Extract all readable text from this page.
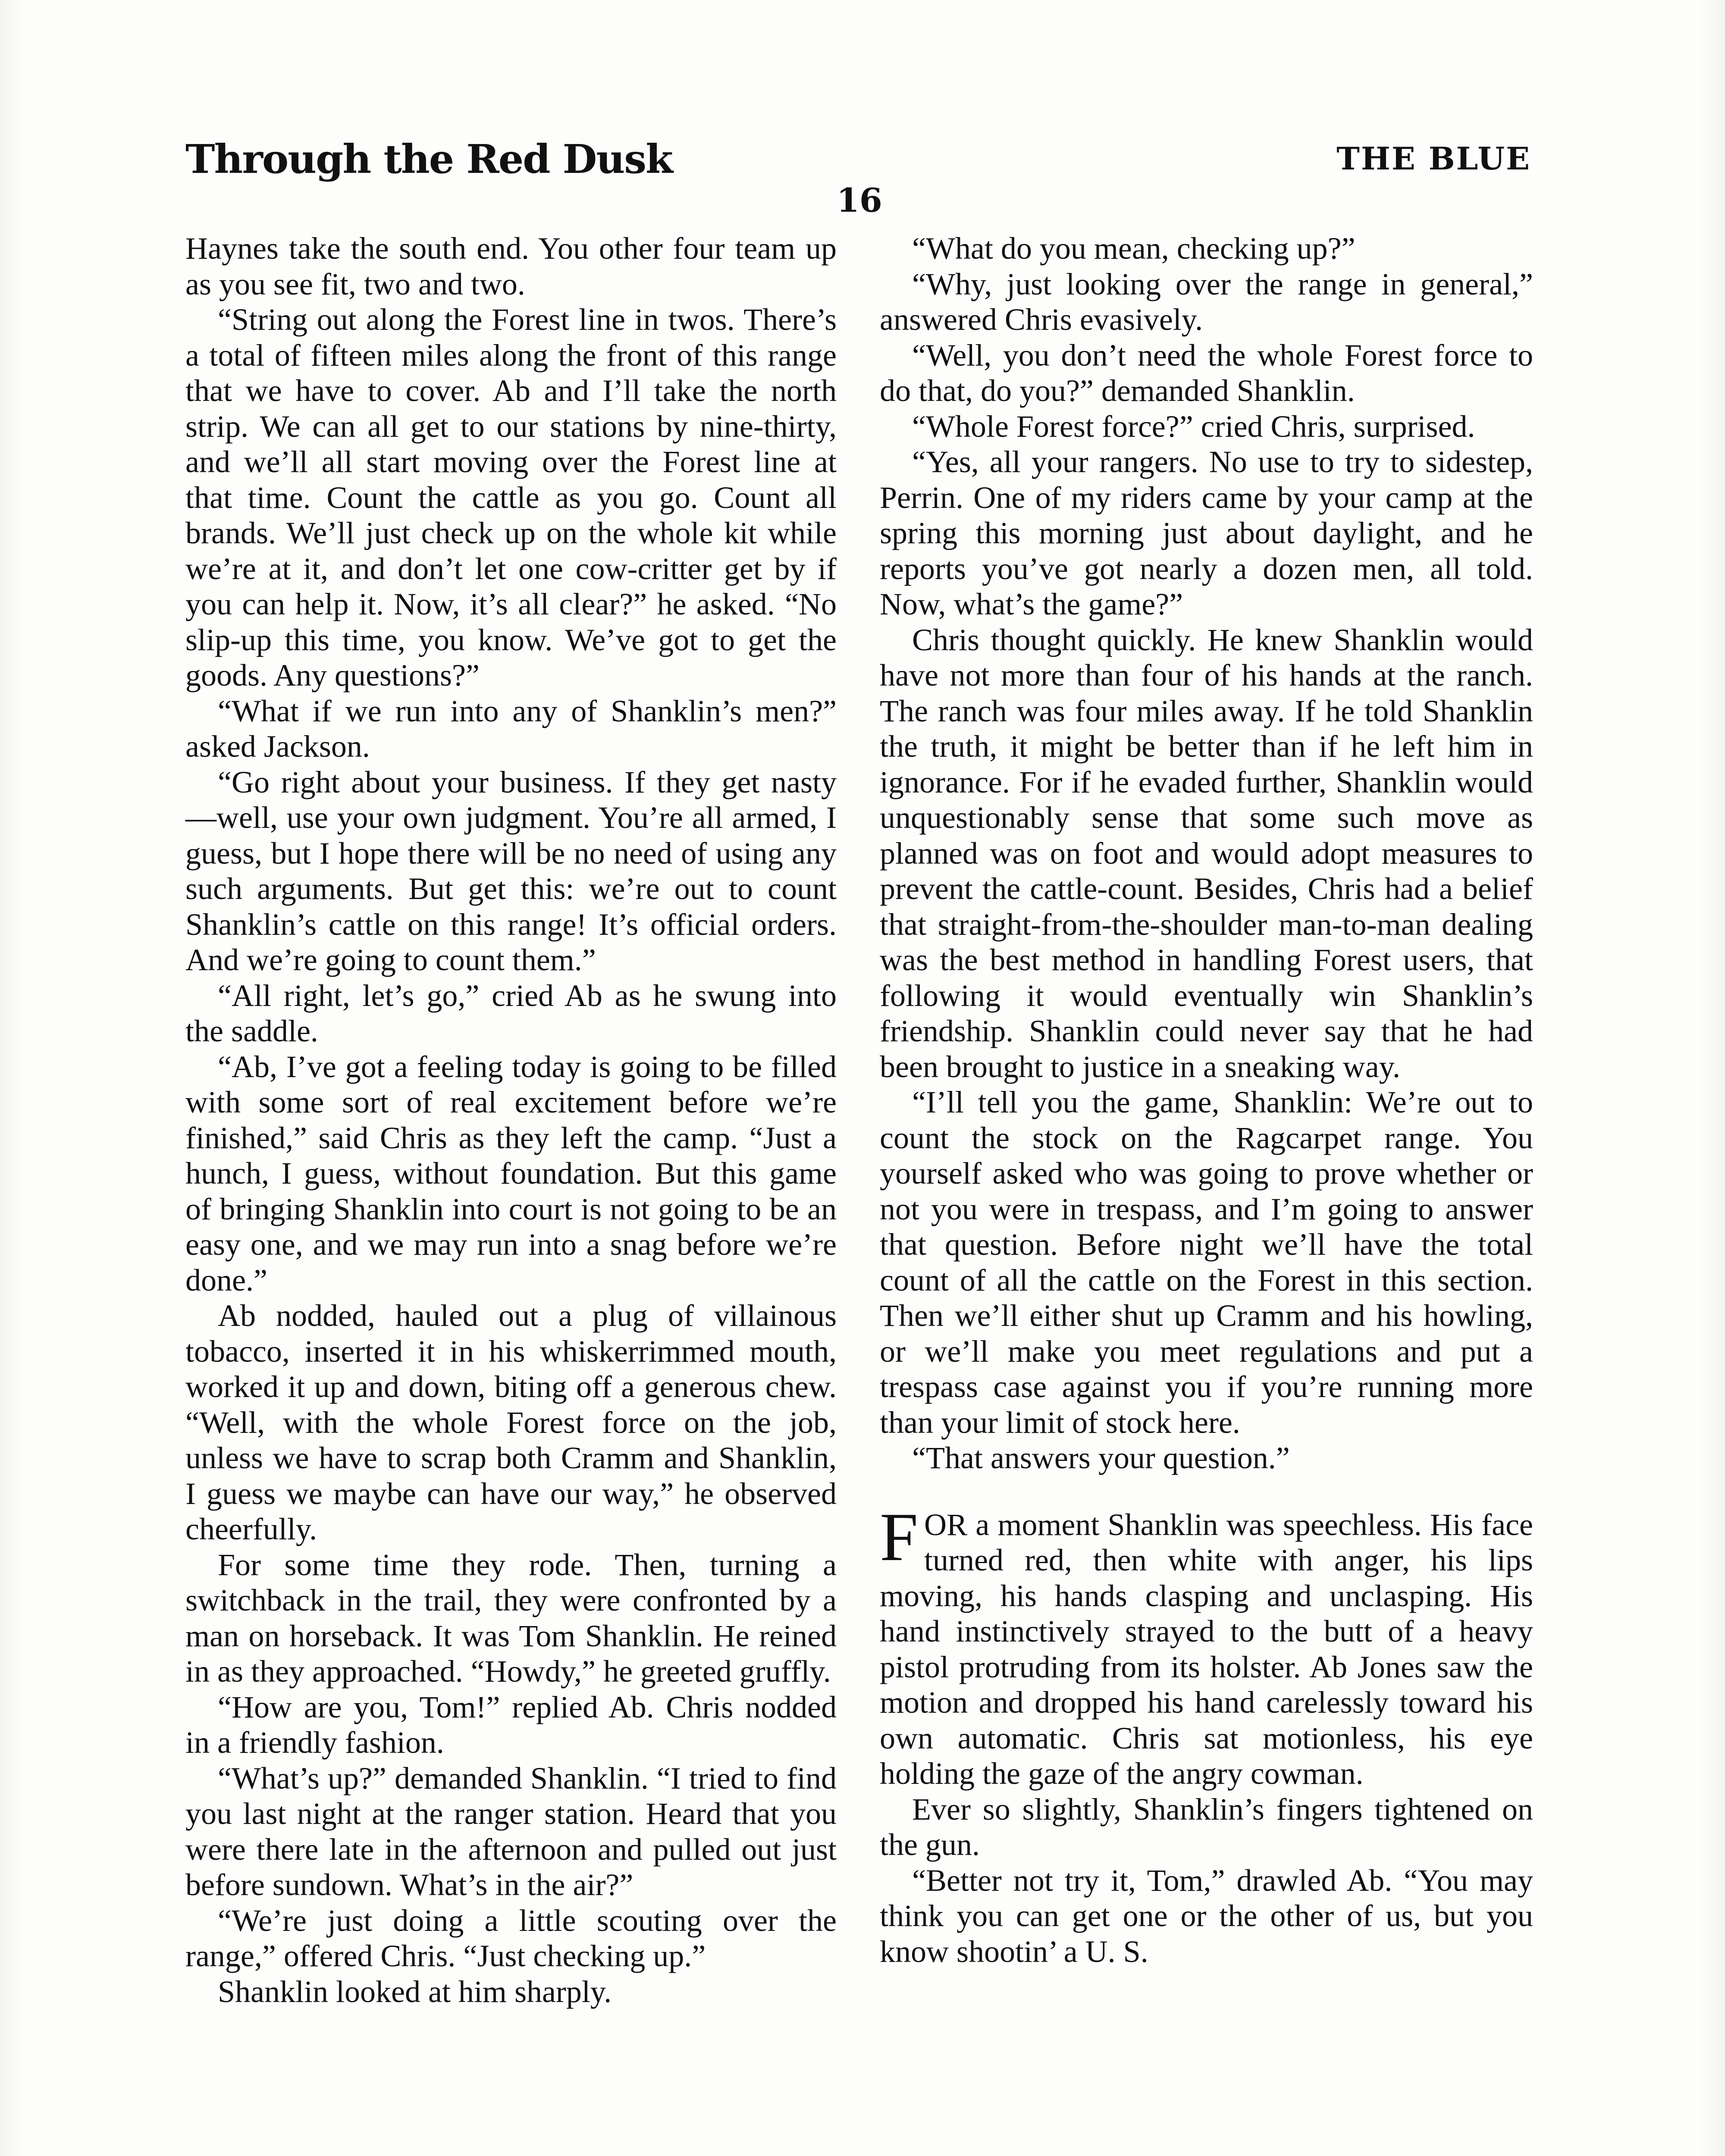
Through the Red Dusk	THE BLUE
16

Haynes take the south end. You other four team up as you see fit, two and two.

“String out along the Forest line in twos. There’s a total of fifteen miles along the front of this range that we have to cover. Ab and I’ll take the north strip. We can all get to our stations by nine-thirty, and we’ll all start moving over the Forest line at that time. Count the cattle as you go. Count all brands. We’ll just check up on the whole kit while we’re at it, and don’t let one cow-critter get by if you can help it. Now, it’s all clear?” he asked. “No slip-up this time, you know. We’ve got to get the goods. Any questions?”

“What if we run into any of Shanklin’s men?” asked Jackson.

“Go right about your business. If they get nasty—well, use your own judgment. You’re all armed, I guess, but I hope there will be no need of using any such arguments. But get this: we’re out to count Shanklin’s cattle on this range! It’s official orders. And we’re going to count them.”

“All right, let’s go,” cried Ab as he swung into the saddle.

“Ab, I’ve got a feeling today is going to be filled with some sort of real excitement before we’re finished,” said Chris as they left the camp. “Just a hunch, I guess, without foundation. But this game of bringing Shanklin into court is not going to be an easy one, and we may run into a snag before we’re done.”

Ab nodded, hauled out a plug of villainous tobacco, inserted it in his whiskerrimmed mouth, worked it up and down, biting off a generous chew. “Well, with the whole Forest force on the job, unless we have to scrap both Cramm and Shanklin, I guess we maybe can have our way,” he observed cheerfully.

For some time they rode. Then, turning a switchback in the trail, they were confronted by a man on horseback. It was Tom Shanklin. He reined in as they approached. “Howdy,” he greeted gruffly.

“How are you, Tom!” replied Ab. Chris nodded in a friendly fashion.

“What’s up?” demanded Shanklin. “I tried to find you last night at the ranger station. Heard that you were there late in the afternoon and pulled out just before sundown. What’s in the air?”

“We’re just doing a little scouting over the range,” offered Chris. “Just checking up.”

Shanklin looked at him sharply.

“What do you mean, checking up?”

“Why, just looking over the range in general,” answered Chris evasively.

“Well, you don’t need the whole Forest force to do that, do you?” demanded Shanklin.

“Whole Forest force?” cried Chris, surprised.

“Yes, all your rangers. No use to try to sidestep, Perrin. One of my riders came by your camp at the spring this morning just about daylight, and he reports you’ve got nearly a dozen men, all told. Now, what’s the game?”

Chris thought quickly. He knew Shanklin would have not more than four of his hands at the ranch. The ranch was four miles away. If he told Shanklin the truth, it might be better than if he left him in ignorance. For if he evaded further, Shanklin would unquestionably sense that some such move as planned was on foot and would adopt measures to prevent the cattle-count. Besides, Chris had a belief that straight-from-the-shoulder man-to-man dealing was the best method in handling Forest users, that following it would eventually win Shanklin’s friendship. Shanklin could never say that he had been brought to justice in a sneaking way.

“I’ll tell you the game, Shanklin: We’re out to count the stock on the Ragcarpet range. You yourself asked who was going to prove whether or not you were in trespass, and I’m going to answer that question. Before night we’ll have the total count of all the cattle on the Forest in this section. Then we’ll either shut up Cramm and his howling, or we’ll make you meet regulations and put a trespass case against you if you’re running more than your limit of stock here.

“That answers your question.”

FOR a moment Shanklin was speechless. His face turned red, then white with anger, his lips moving, his hands clasping and unclasping. His hand instinctively strayed to the butt of a heavy pistol protruding from its holster. Ab Jones saw the motion and dropped his hand carelessly toward his own automatic. Chris sat motionless, his eye holding the gaze of the angry cowman.

Ever so slightly, Shanklin’s fingers tightened on the gun.

“Better not try it, Tom,” drawled Ab. “You may think you can get one or the other of us, but you know shootin’ a U. S.
